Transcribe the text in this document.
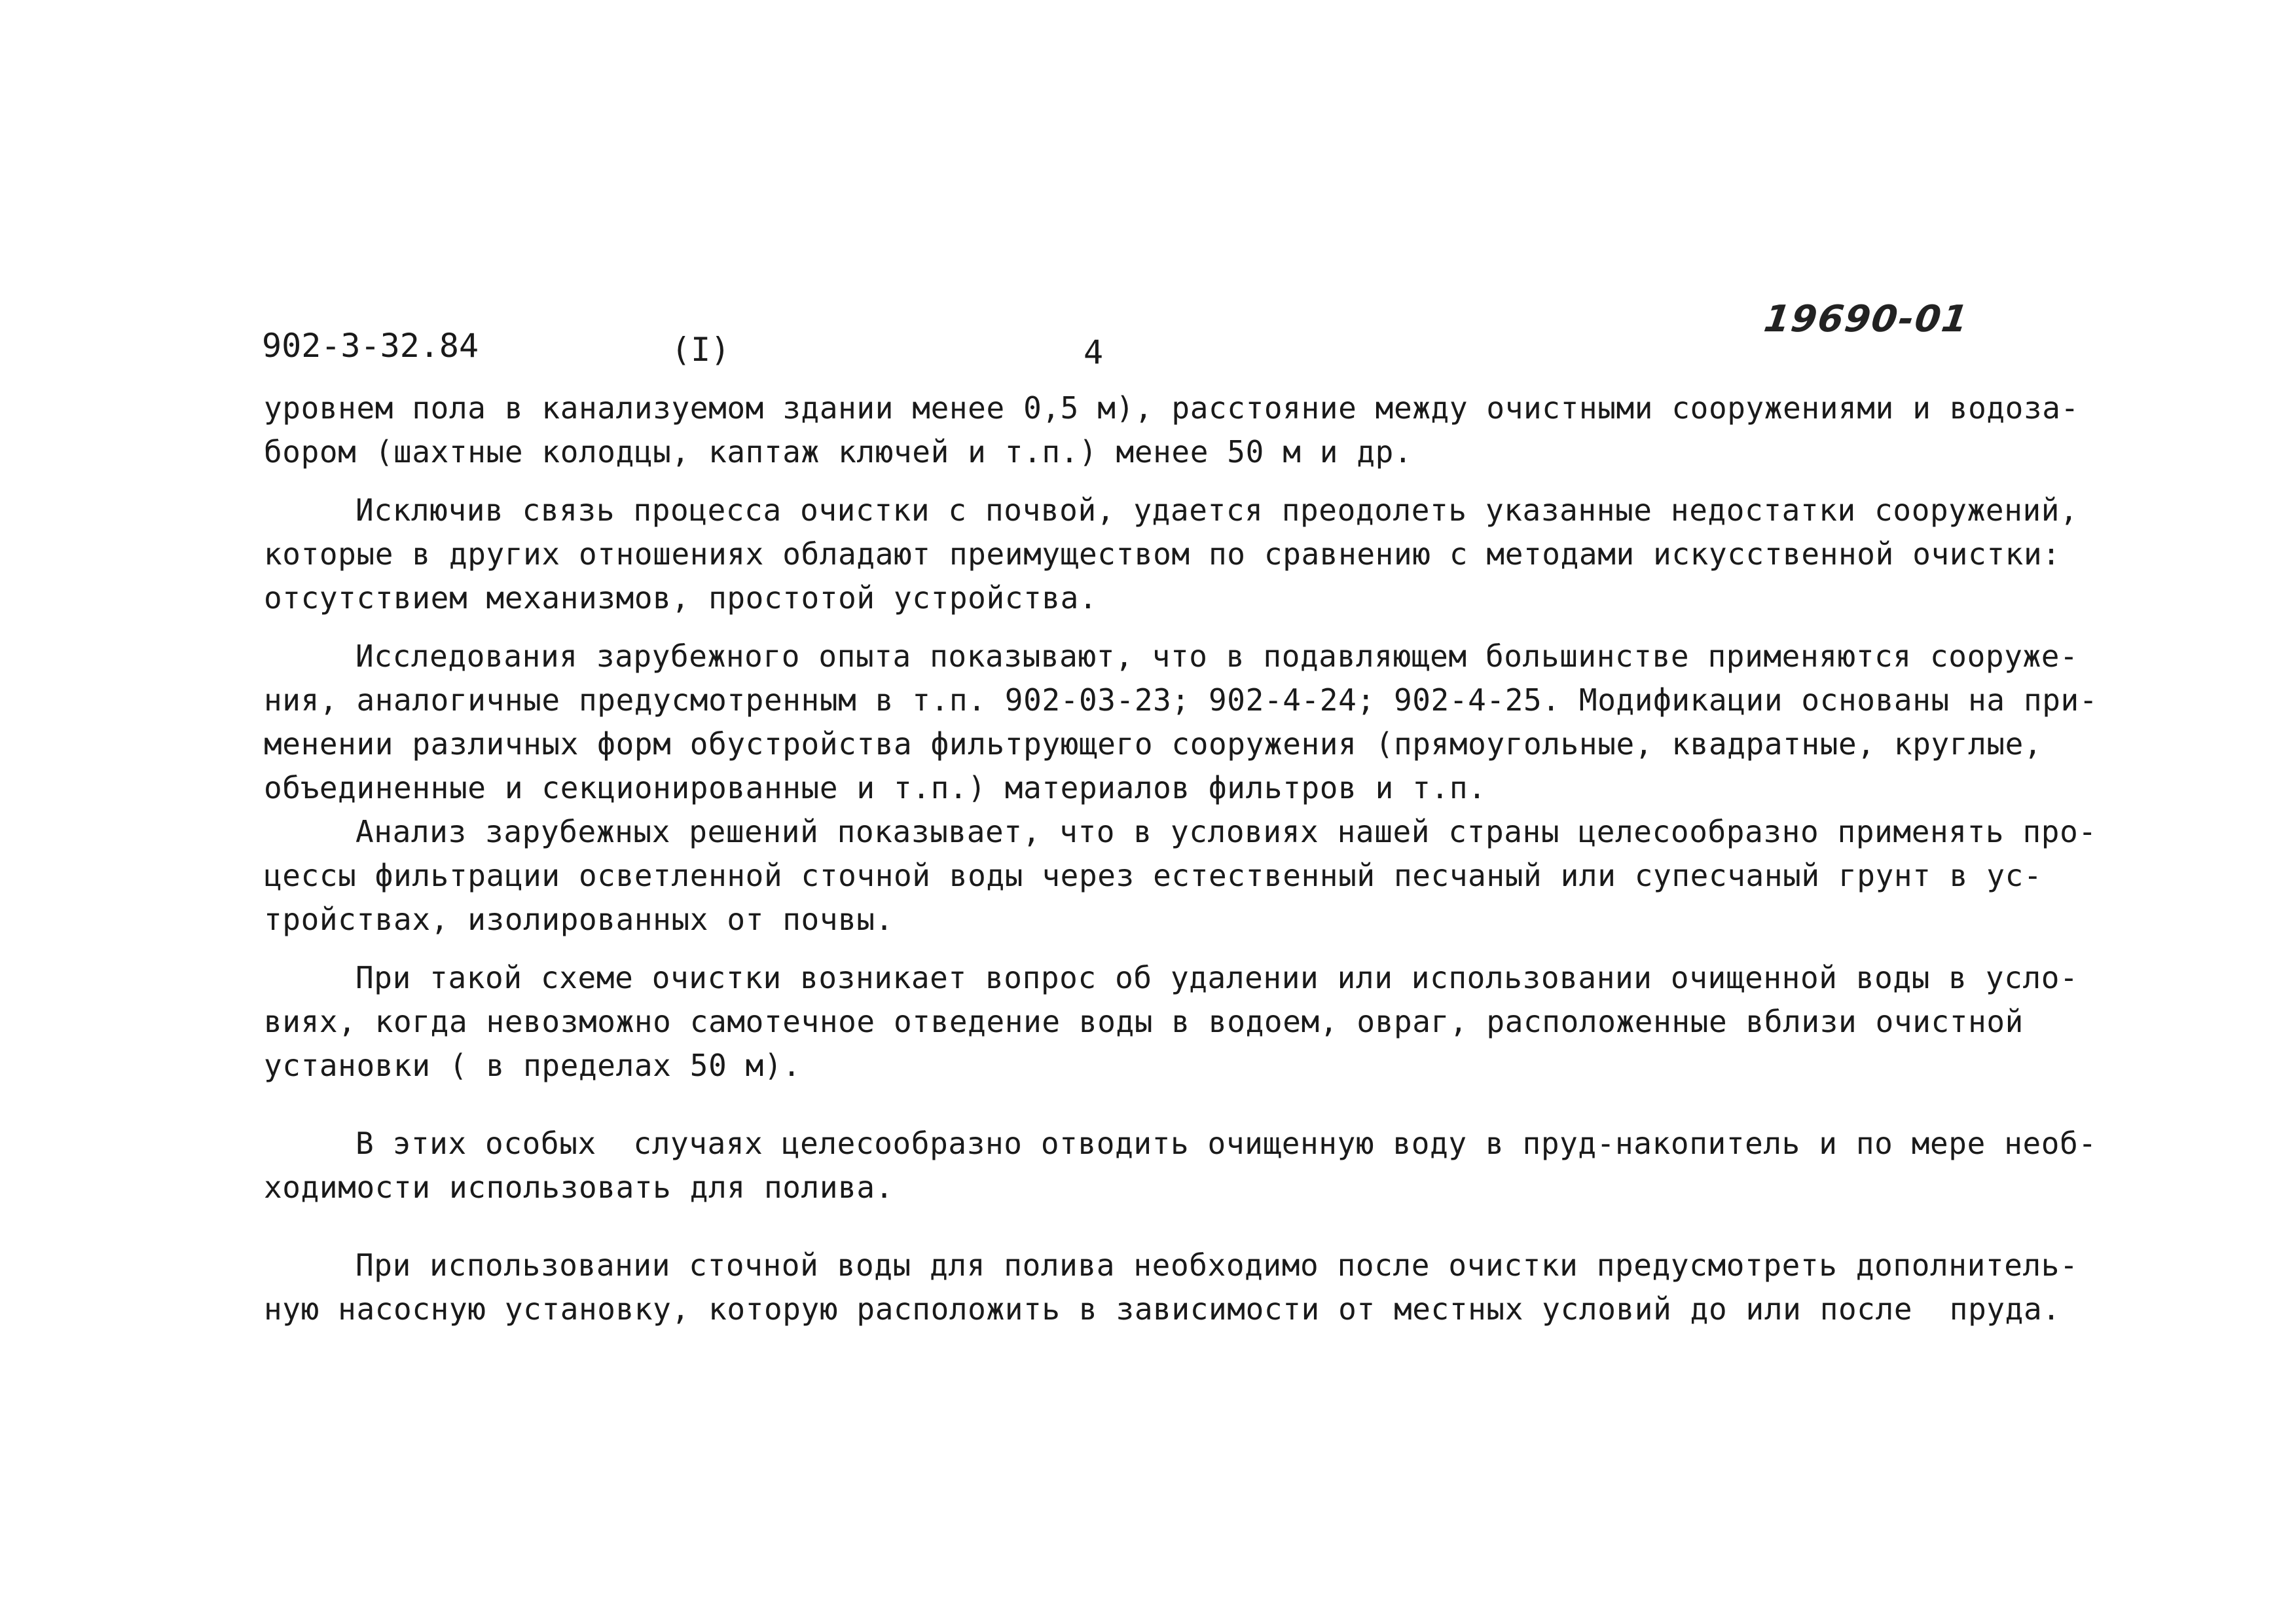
902-3-32.84	(I)	4
19690-01
уровнем пола в канализуемом здании менее 0,5 м), расстояние между очистными сооружениями и водоза-
бором (шахтные колодцы, каптаж ключей и т.п.) менее 50 м и др.
Исключив связь процесса очистки с почвой, удается преодолеть указанные недостатки сооружений,
которые в других отношениях обладают преимуществом по сравнению с методами искусственной очистки:
отсутствием механизмов, простотой устройства.
Исследования зарубежного опыта показывают, что в подавляющем большинстве применяются сооруже-
ния, аналогичные предусмотренным в т.п. 902-03-23; 902-4-24; 902-4-25. Модификации основаны на при-
менении различных форм обустройства фильтрующего сооружения (прямоугольные, квадратные, круглые,
объединенные и секционированные и т.п.) материалов фильтров и т.п.
Анализ зарубежных решений показывает, что в условиях нашей страны целесообразно применять про-
цессы фильтрации осветленной сточной воды через естественный песчаный или супесчаный грунт в ус-
тройствах, изолированных от почвы.
При такой схеме очистки возникает вопрос об удалении или использовании очищенной воды в усло-
виях, когда невозможно самотечное отведение воды в водоем, овраг, расположенные вблизи очистной
установки ( в пределах 50 м).
В этих особых  случаях целесообразно отводить очищенную воду в пруд-накопитель и по мере необ-
ходимости использовать для полива.
При использовании сточной воды для полива необходимо после очистки предусмотреть дополнитель-
ную насосную установку, которую расположить в зависимости от местных условий до или после  пруда.
